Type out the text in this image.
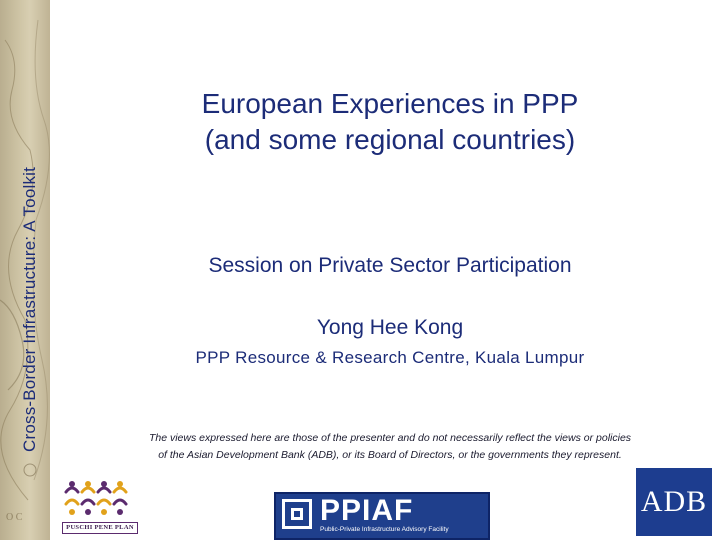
O C
Cross-Border Infrastructure: A Toolkit
European Experiences in PPP
(and some regional countries)
Session on Private Sector Participation
Yong Hee Kong
PPP Resource & Research Centre, Kuala Lumpur
The views expressed here are those of the presenter and do not necessarily reflect the views or policies
of the Asian Development Bank (ADB), or its Board of Directors, or the governments they represent.
PUSCHI PENE PLAN
PPIAF
Public-Private Infrastructure Advisory Facility
ADB
